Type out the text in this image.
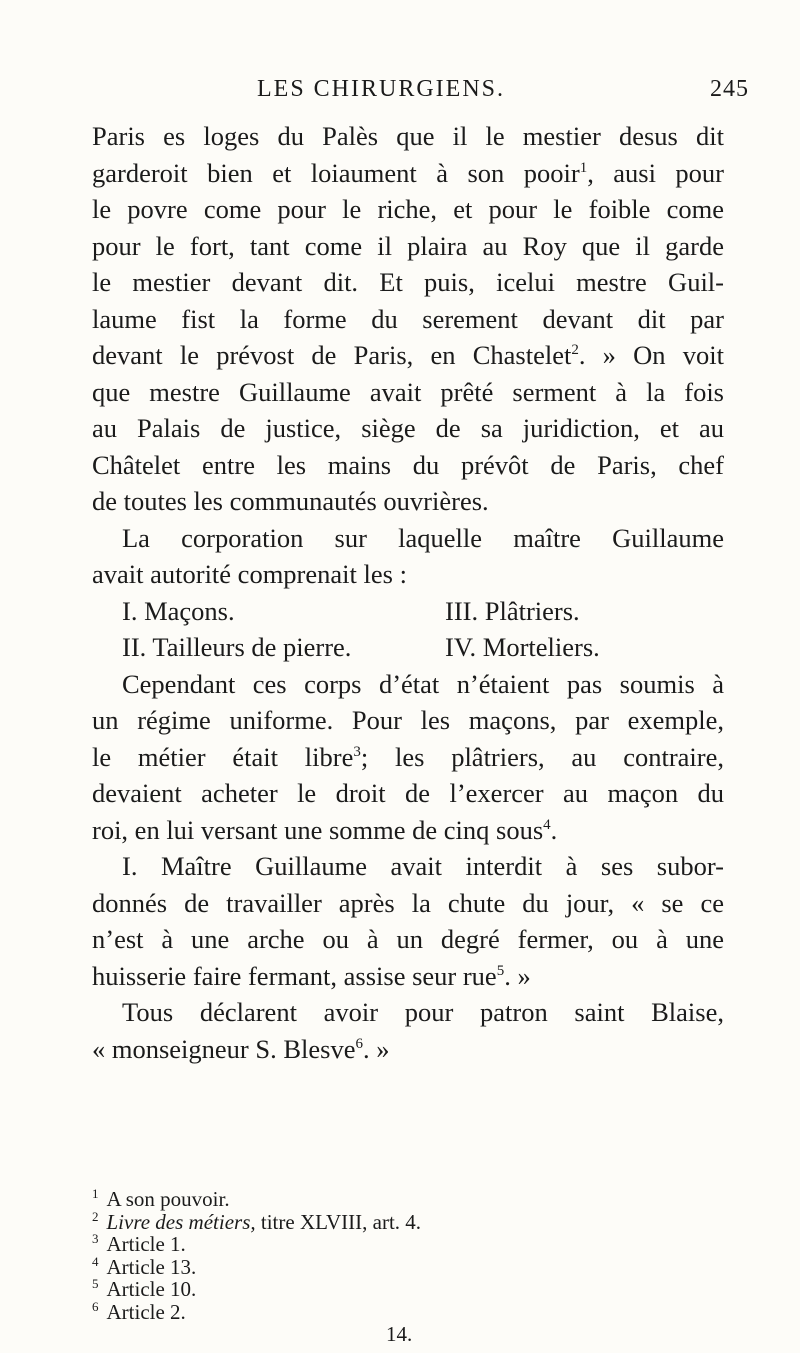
LES CHIRURGIENS.	245
Paris es loges du Palès que il le mestier desus dit
garderoit bien et loiaument à son pooir$^1$, ausi pour
le povre come pour le riche, et pour le foible come
pour le fort, tant come il plaira au Roy que il garde
le mestier devant dit. Et puis, icelui mestre Guil-
laume fist la forme du serement devant dit par
devant le prévost de Paris, en Chastelet$^2$. » On voit
que mestre Guillaume avait prêté serment à la fois
au Palais de justice, siège de sa juridiction, et au
Châtelet entre les mains du prévôt de Paris, chef
de toutes les communautés ouvrières.
La corporation sur laquelle maître Guillaume
avait autorité comprenait les :
I. Maçons.	III. Plâtriers.
II. Tailleurs de pierre.	IV. Morteliers.
Cependant ces corps d’état n’étaient pas soumis à
un régime uniforme. Pour les maçons, par exemple,
le métier était libre$^3$; les plâtriers, au contraire,
devaient acheter le droit de l’exercer au maçon du
roi, en lui versant une somme de cinq sous$^4$.
I. Maître Guillaume avait interdit à ses subor-
donnés de travailler après la chute du jour, « se ce
n’est à une arche ou à un degré fermer, ou à une
huisserie faire fermant, assise seur rue$^5$. »
Tous déclarent avoir pour patron saint Blaise,
« monseigneur S. Blesve$^6$. »
$^1$ A son pouvoir.
$^2$ Livre des métiers, titre XLVIII, art. 4.
$^3$ Article 1.
$^4$ Article 13.
$^5$ Article 10.
$^6$ Article 2.
14.
